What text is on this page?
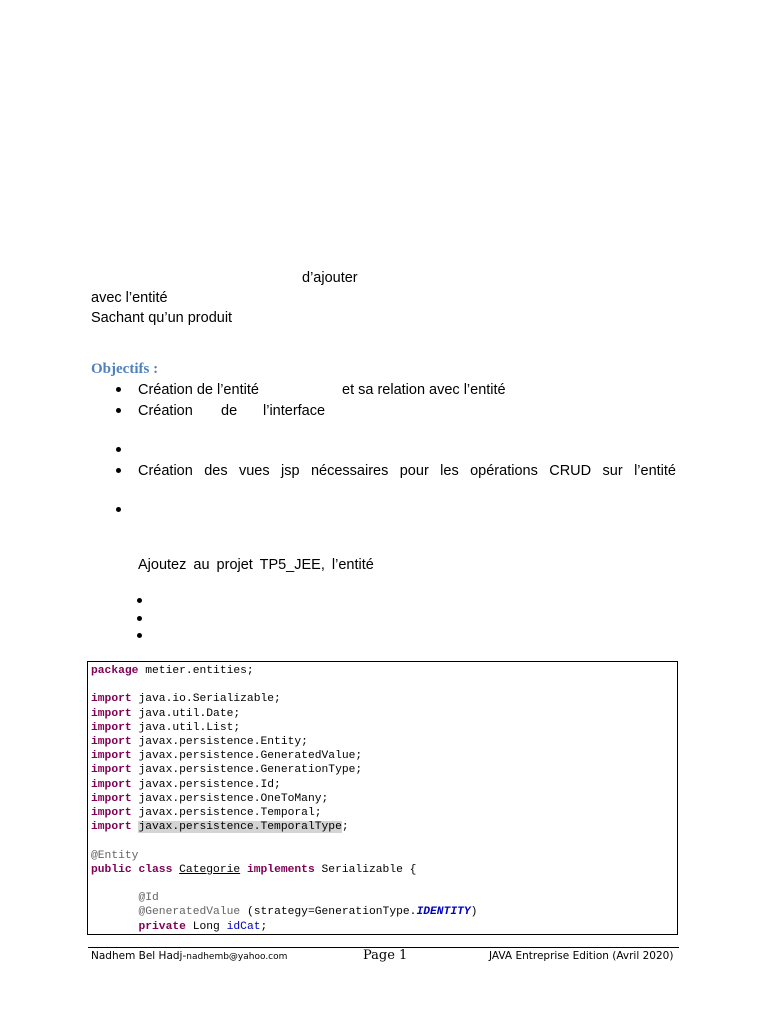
d’ajouter
avec l’entité
Sachant qu’un produit
Objectifs :
Création de l’entité	et sa relation avec l’entité
Création de l’interface
Création des vues jsp nécessaires pour les opérations CRUD sur l’entité
Ajoutez au projet TP5_JEE, l’entité
package metier.entities;

import java.io.Serializable;
import java.util.Date;
import java.util.List;
import javax.persistence.Entity;
import javax.persistence.GeneratedValue;
import javax.persistence.GenerationType;
import javax.persistence.Id;
import javax.persistence.OneToMany;
import javax.persistence.Temporal;
import javax.persistence.TemporalType;

@Entity
public class Categorie implements Serializable {

@Id
@GeneratedValue (strategy=GenerationType.IDENTITY)
private Long idCat;
Nadhem Bel Hadj-nadhemb@yahoo.com	Page 1	JAVA Entreprise Edition (Avril 2020)
